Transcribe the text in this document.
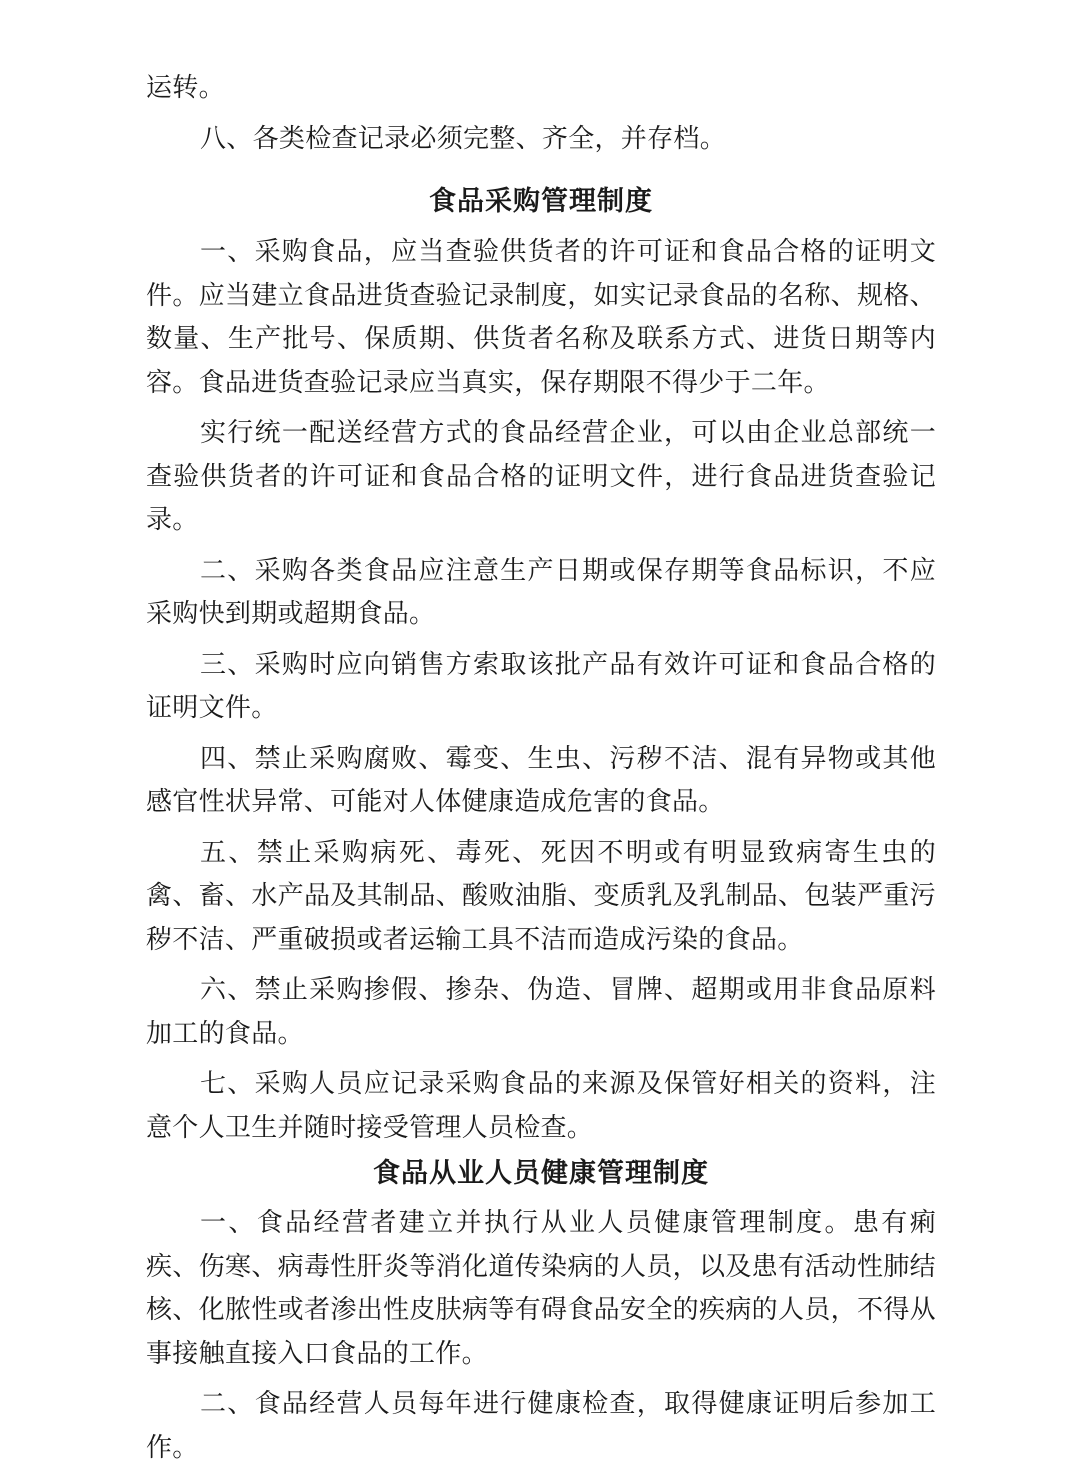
运转。

八、各类检查记录必须完整、齐全，并存档。

食品采购管理制度

一、采购食品，应当查验供货者的许可证和食品合格的证明文件。应当建立食品进货查验记录制度，如实记录食品的名称、规格、数量、生产批号、保质期、供货者名称及联系方式、进货日期等内容。食品进货查验记录应当真实，保存期限不得少于二年。

实行统一配送经营方式的食品经营企业，可以由企业总部统一查验供货者的许可证和食品合格的证明文件，进行食品进货查验记录。

二、采购各类食品应注意生产日期或保存期等食品标识，不应采购快到期或超期食品。

三、采购时应向销售方索取该批产品有效许可证和食品合格的证明文件。

四、禁止采购腐败、霉变、生虫、污秽不洁、混有异物或其他感官性状异常、可能对人体健康造成危害的食品。

五、禁止采购病死、毒死、死因不明或有明显致病寄生虫的禽、畜、水产品及其制品、酸败油脂、变质乳及乳制品、包装严重污秽不洁、严重破损或者运输工具不洁而造成污染的食品。

六、禁止采购掺假、掺杂、伪造、冒牌、超期或用非食品原料加工的食品。

七、采购人员应记录采购食品的来源及保管好相关的资料，注意个人卫生并随时接受管理人员检查。

食品从业人员健康管理制度

一、食品经营者建立并执行从业人员健康管理制度。患有痢疾、伤寒、病毒性肝炎等消化道传染病的人员，以及患有活动性肺结核、化脓性或者渗出性皮肤病等有碍食品安全的疾病的人员，不得从事接触直接入口食品的工作。

二、食品经营人员每年进行健康检查，取得健康证明后参加工作。
